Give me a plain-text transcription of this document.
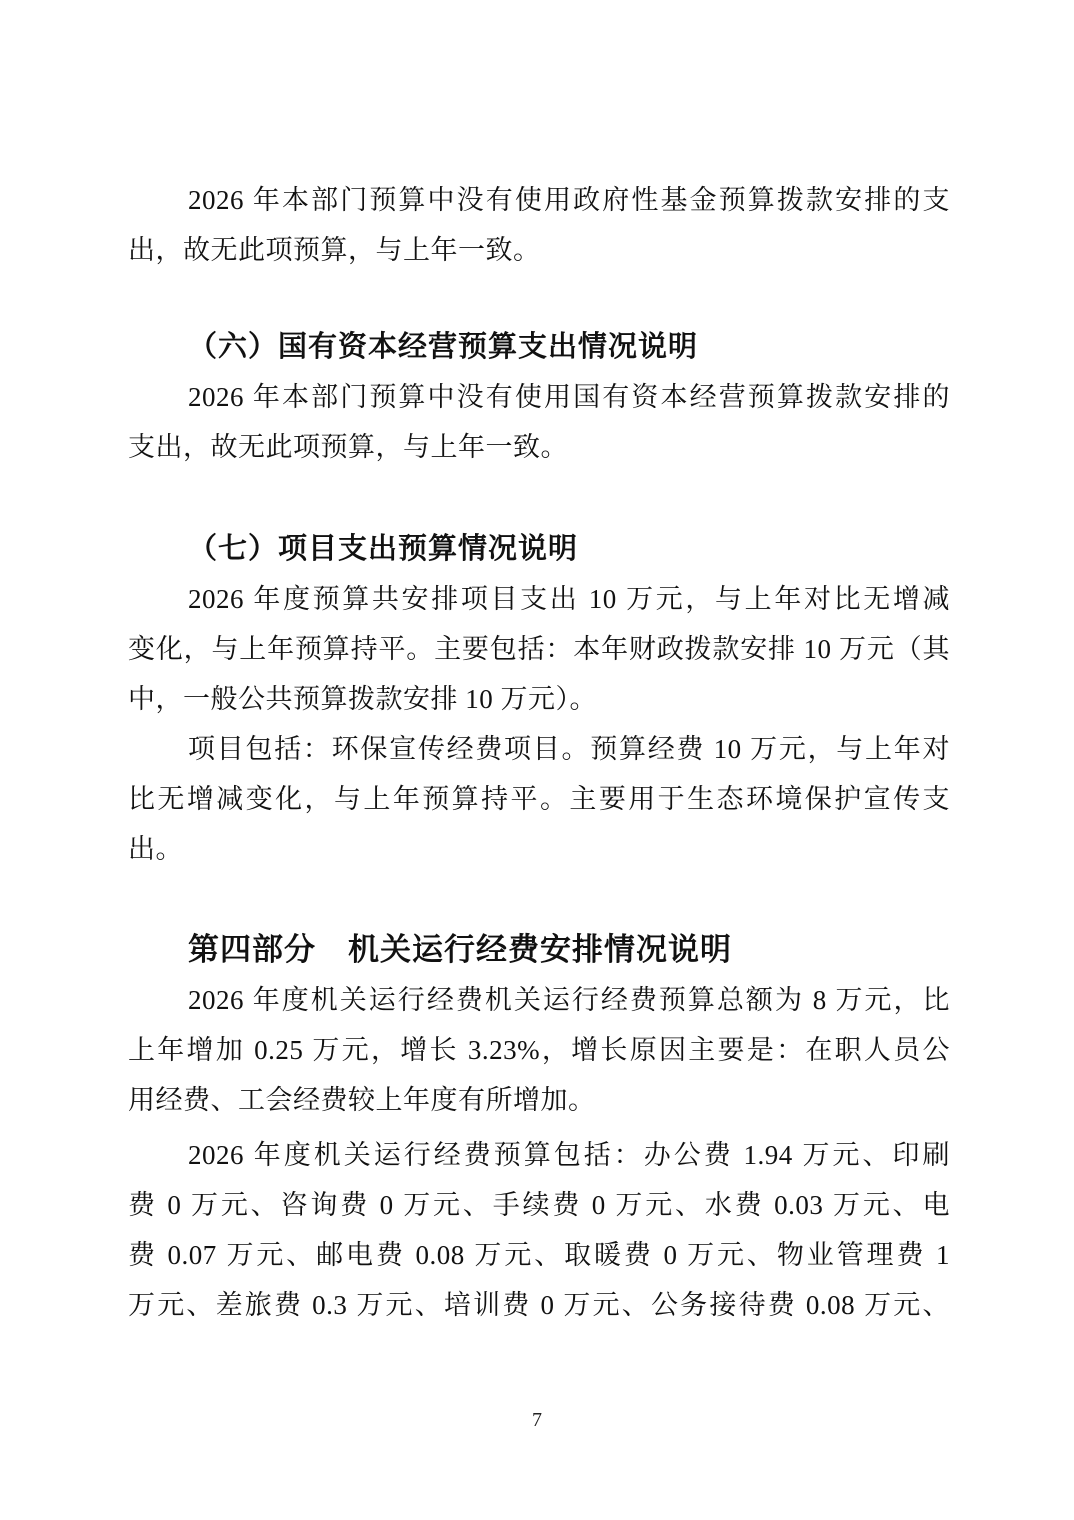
2026 年本部门预算中没有使用政府性基金预算拨款安排的支

出，故无此项预算，与上年一致。

（六）国有资本经营预算支出情况说明

2026 年本部门预算中没有使用国有资本经营预算拨款安排的

支出，故无此项预算，与上年一致。

（七）项目支出预算情况说明

2026 年度预算共安排项目支出 10 万元，与上年对比无增减

变化，与上年预算持平。主要包括：本年财政拨款安排 10 万元（其

中，一般公共预算拨款安排 10 万元）。

项目包括：环保宣传经费项目。预算经费 10 万元，与上年对

比无增减变化，与上年预算持平。主要用于生态环境保护宣传支

出。

第四部分　机关运行经费安排情况说明

2026 年度机关运行经费机关运行经费预算总额为 8 万元，比

上年增加 0.25 万元，增长 3.23%，增长原因主要是：在职人员公

用经费、工会经费较上年度有所增加。

2026 年度机关运行经费预算包括：办公费 1.94 万元、印刷

费 0 万元、咨询费 0 万元、手续费 0 万元、水费 0.03 万元、电

费 0.07 万元、邮电费 0.08 万元、取暖费 0 万元、物业管理费 1

万元、差旅费 0.3 万元、培训费 0 万元、公务接待费 0.08 万元、

7
